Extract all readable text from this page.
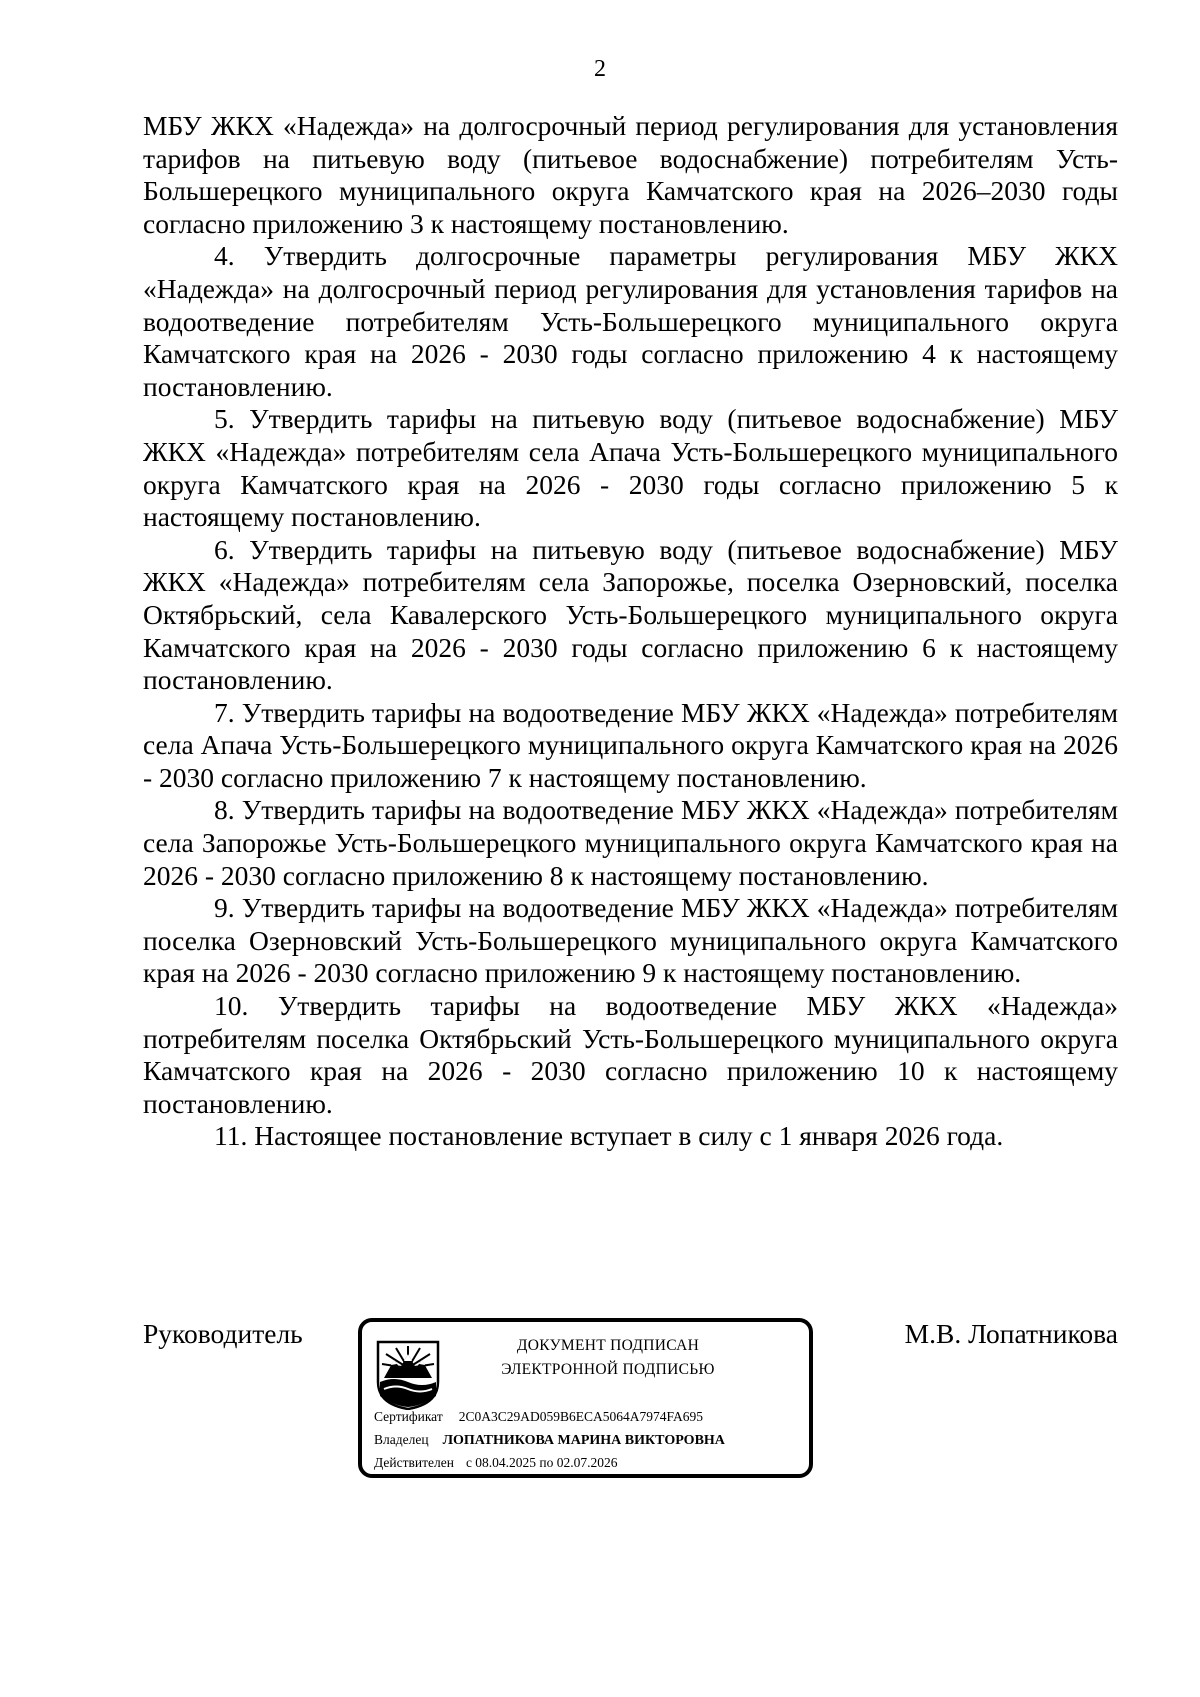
2

МБУ ЖКХ «Надежда» на долгосрочный период регулирования для установления тарифов на питьевую воду (питьевое водоснабжение) потребителям Усть-Большерецкого муниципального округа Камчатского края на 2026–2030 годы согласно приложению 3 к настоящему постановлению.

4. Утвердить долгосрочные параметры регулирования МБУ ЖКХ «Надежда» на долгосрочный период регулирования для установления тарифов на водоотведение потребителям Усть-Большерецкого муниципального округа Камчатского края на 2026 - 2030 годы согласно приложению 4 к настоящему постановлению.

5. Утвердить тарифы на питьевую воду (питьевое водоснабжение) МБУ ЖКХ «Надежда» потребителям села Апача Усть-Большерецкого муниципального округа Камчатского края на 2026 - 2030 годы согласно приложению 5 к настоящему постановлению.

6. Утвердить тарифы на питьевую воду (питьевое водоснабжение) МБУ ЖКХ «Надежда» потребителям села Запорожье, поселка Озерновский, поселка Октябрьский, села Кавалерского Усть-Большерецкого муниципального округа Камчатского края на 2026 - 2030 годы согласно приложению 6 к настоящему постановлению.

7. Утвердить тарифы на водоотведение МБУ ЖКХ «Надежда» потребителям села Апача Усть-Большерецкого муниципального округа Камчатского края на 2026 - 2030 согласно приложению 7 к настоящему постановлению.

8. Утвердить тарифы на водоотведение МБУ ЖКХ «Надежда» потребителям села Запорожье Усть-Большерецкого муниципального округа Камчатского края на 2026 - 2030 согласно приложению 8 к настоящему постановлению.

9. Утвердить тарифы на водоотведение МБУ ЖКХ «Надежда» потребителям поселка Озерновский Усть-Большерецкого муниципального округа Камчатского края на 2026 - 2030 согласно приложению 9 к настоящему постановлению.

10. Утвердить тарифы на водоотведение МБУ ЖКХ «Надежда» потребителям поселка Октябрьский Усть-Большерецкого муниципального округа Камчатского края на 2026 - 2030 согласно приложению 10 к настоящему постановлению.

11. Настоящее постановление вступает в силу с 1 января 2026 года.

Руководитель	ДОКУМЕНТ ПОДПИСАН
ЭЛЕКТРОННОЙ ПОДПИСЬЮ
Сертификат 2C0A3C29AD059B6ECA5064A7974FA695
Владелец ЛОПАТНИКОВА МАРИНА ВИКТОРОВНА
Действителен с 08.04.2025 по 02.07.2026
М.В. Лопатникова
